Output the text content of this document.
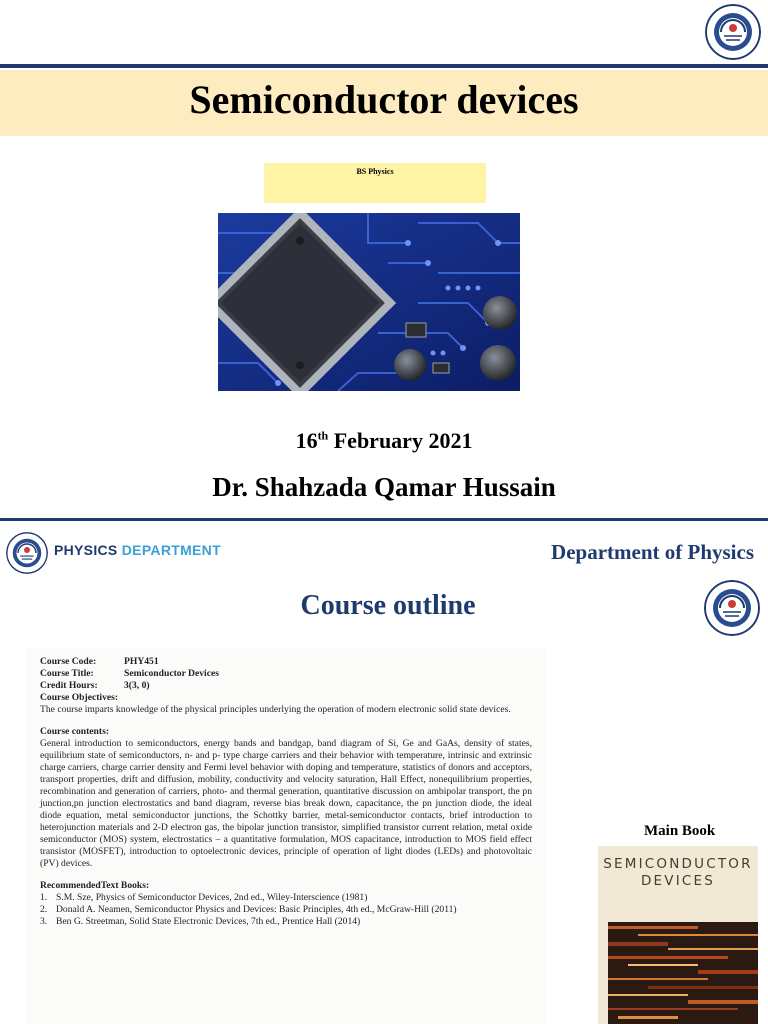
Semiconductor devices
BS Physics
16th February 2021
Dr. Shahzada Qamar Hussain
PHYSICS DEPARTMENT	Department of Physics
Course outline
Course Code:	PHY451
Course Title:	Semiconductor Devices
Credit Hours:	3(3, 0)
Course Objectives:

The course imparts knowledge of the physical principles underlying the operation of modern electronic solid state devices.

Course contents:

General introduction to semiconductors, energy bands and bandgap, band diagram of Si, Ge and GaAs, density of states, equilibrium state of semiconductors, n- and p- type charge carriers and their behavior with temperature, intrinsic and extrinsic charge carriers, charge carrier density and Fermi level behavior with doping and temperature, statistics of donors and acceptors, transport properties, drift and diffusion, mobility, conductivity and velocity saturation, Hall Effect, nonequilibrium properties, recombination and generation of carriers, photo- and thermal generation, quantitative discussion on ambipolar transport, the pn junction,pn junction electrostatics and band diagram, reverse bias break down, capacitance, the pn junction diode, the ideal diode equation, metal semiconductor junctions, the Schottky barrier, metal-semiconductor contacts, brief introduction to heterojunction materials and 2-D electron gas, the bipolar junction transistor, simplified transistor current relation, metal oxide semiconductor (MOS) system, electrostatics – a quantitative formulation, MOS capacitance, introduction to MOS field effect transistor (MOSFET), introduction to optoelectronic devices, principle of operation of light diodes (LEDs) and photovoltaic (PV) devices.

RecommendedText Books:
1. S.M. Sze, Physics of Semiconductor Devices, 2nd ed., Wiley-Interscience (1981)
2. Donald A. Neamen, Semiconductor Physics and Devices: Basic Principles, 4th ed., McGraw-Hill (2011)
3. Ben G. Streetman, Solid State Electronic Devices, 7th ed., Prentice Hall (2014)
Main Book
SEMICONDUCTOR
DEVICES
